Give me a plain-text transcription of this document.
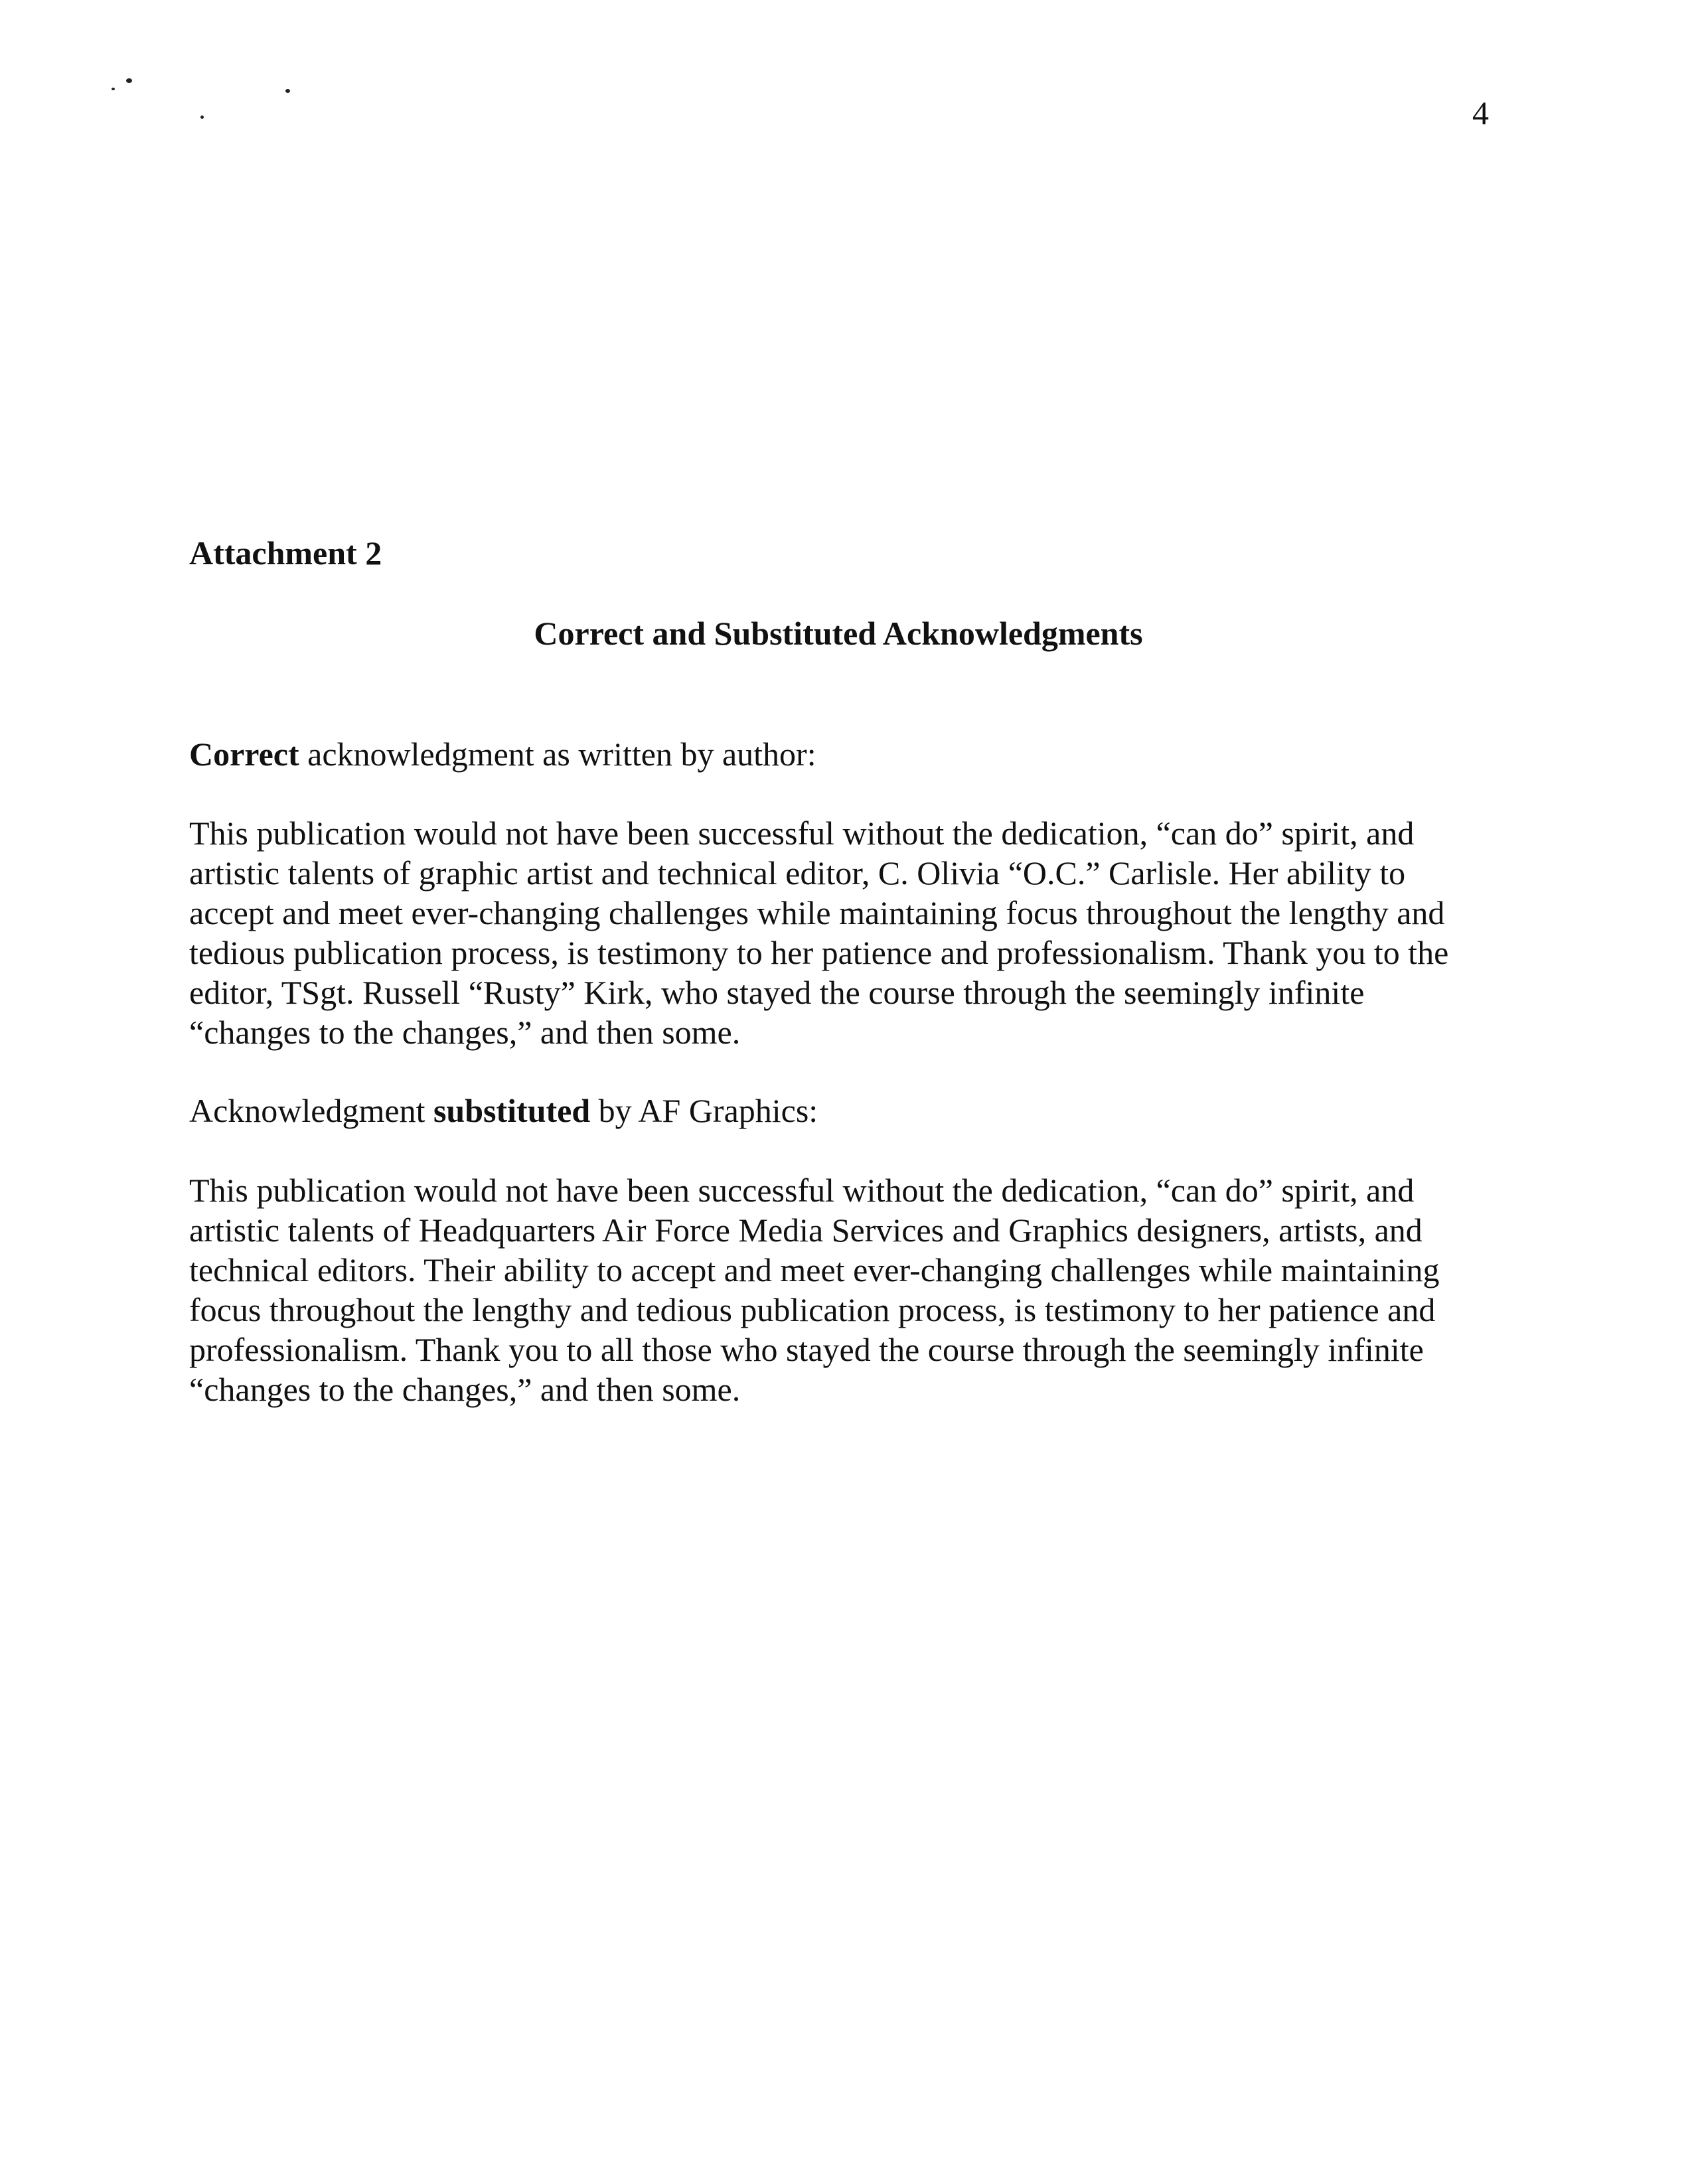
4
Attachment 2
Correct and Substituted Acknowledgments
Correct acknowledgment as written by author:
This publication would not have been successful without the dedication, “can do” spirit, and
artistic talents of graphic artist and technical editor, C. Olivia “O.C.” Carlisle. Her ability to
accept and meet ever-changing challenges while maintaining focus throughout the lengthy and
tedious publication process, is testimony to her patience and professionalism. Thank you to the
editor, TSgt. Russell “Rusty” Kirk, who stayed the course through the seemingly infinite
“changes to the changes,” and then some.
Acknowledgment substituted by AF Graphics:
This publication would not have been successful without the dedication, “can do” spirit, and
artistic talents of Headquarters Air Force Media Services and Graphics designers, artists, and
technical editors. Their ability to accept and meet ever-changing challenges while maintaining
focus throughout the lengthy and tedious publication process, is testimony to her patience and
professionalism. Thank you to all those who stayed the course through the seemingly infinite
“changes to the changes,” and then some.
